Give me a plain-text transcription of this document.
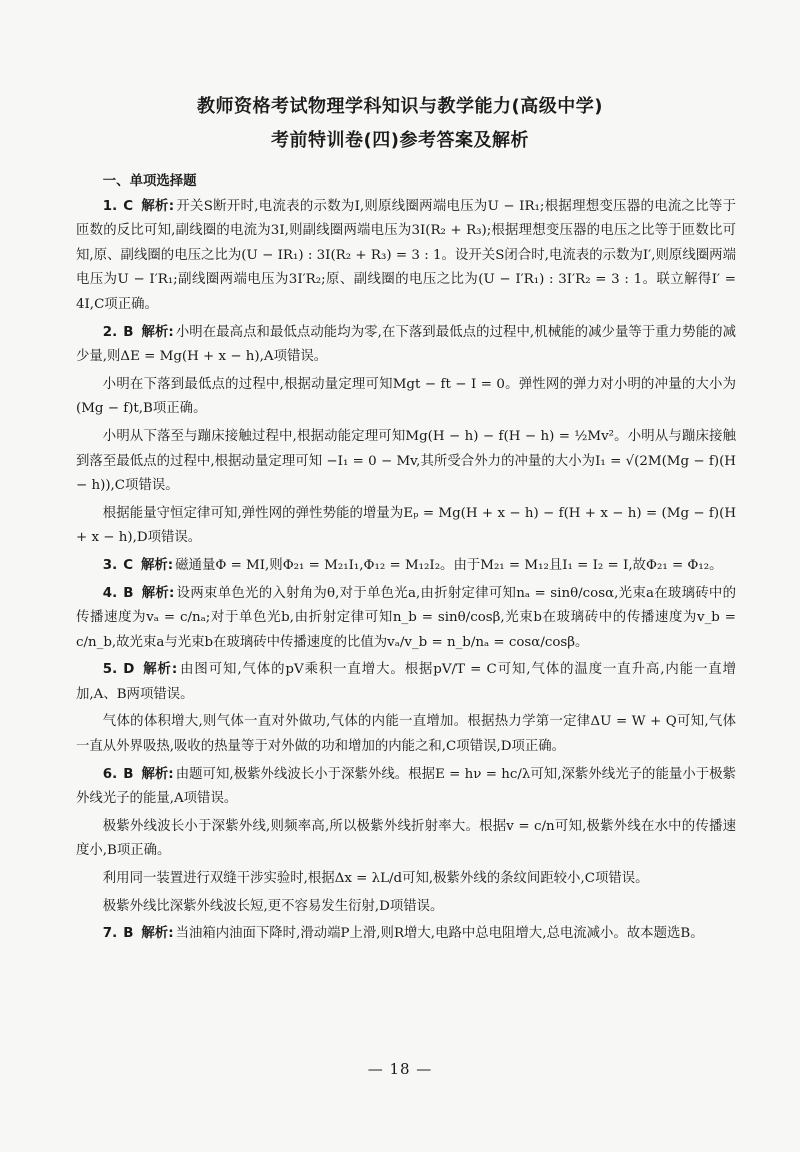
教师资格考试物理学科知识与教学能力(高级中学)
考前特训卷(四)参考答案及解析

一、单项选择题

1. C 解析: 开关S断开时,电流表的示数为I,则原线圈两端电压为U − IR₁;根据理想变压器的电流之比等于匝数的反比可知,副线圈的电流为3I,则副线圈两端电压为3I(R₂ + R₃);根据理想变压器的电压之比等于匝数比可知,原、副线圈的电压之比为(U − IR₁) : 3I(R₂ + R₃) = 3 : 1。设开关S闭合时,电流表的示数为I′,则原线圈两端电压为U − I′R₁;副线圈两端电压为3I′R₂;原、副线圈的电压之比为(U − I′R₁) : 3I′R₂ = 3 : 1。联立解得I′ = 4I,C项正确。

2. B 解析: 小明在最高点和最低点动能均为零,在下落到最低点的过程中,机械能的减少量等于重力势能的减少量,则ΔE = Mg(H + x − h),A项错误。

小明在下落到最低点的过程中,根据动量定理可知Mgt − ft − I = 0。弹性网的弹力对小明的冲量的大小为(Mg − f)t,B项正确。

小明从下落至与蹦床接触过程中,根据动能定理可知Mg(H − h) − f(H − h) = ½Mv²。小明从与蹦床接触到落至最低点的过程中,根据动量定理可知 −I₁ = 0 − Mv,其所受合外力的冲量的大小为I₁ = √(2M(Mg − f)(H − h)),C项错误。

根据能量守恒定律可知,弹性网的弹性势能的增量为Eₚ = Mg(H + x − h) − f(H + x − h) = (Mg − f)(H + x − h),D项错误。

3. C 解析: 磁通量Φ = MI,则Φ₂₁ = M₂₁I₁,Φ₁₂ = M₁₂I₂。由于M₂₁ = M₁₂且I₁ = I₂ = I,故Φ₂₁ = Φ₁₂。

4. B 解析: 设两束单色光的入射角为θ,对于单色光a,由折射定律可知nₐ = sinθ/cosα,光束a在玻璃砖中的传播速度为vₐ = c/nₐ;对于单色光b,由折射定律可知n_b = sinθ/cosβ,光束b在玻璃砖中的传播速度为v_b = c/n_b,故光束a与光束b在玻璃砖中传播速度的比值为vₐ/v_b = n_b/nₐ = cosα/cosβ。

5. D 解析: 由图可知,气体的pV乘积一直增大。根据pV/T = C可知,气体的温度一直升高,内能一直增加,A、B两项错误。

气体的体积增大,则气体一直对外做功,气体的内能一直增加。根据热力学第一定律ΔU = W + Q可知,气体一直从外界吸热,吸收的热量等于对外做的功和增加的内能之和,C项错误,D项正确。

6. B 解析: 由题可知,极紫外线波长小于深紫外线。根据E = hν = hc/λ可知,深紫外线光子的能量小于极紫外线光子的能量,A项错误。

极紫外线波长小于深紫外线,则频率高,所以极紫外线折射率大。根据v = c/n可知,极紫外线在水中的传播速度小,B项正确。

利用同一装置进行双缝干涉实验时,根据Δx = λL/d可知,极紫外线的条纹间距较小,C项错误。

极紫外线比深紫外线波长短,更不容易发生衍射,D项错误。

7. B 解析: 当油箱内油面下降时,滑动端P上滑,则R增大,电路中总电阻增大,总电流减小。故本题选B。

— 18 —
